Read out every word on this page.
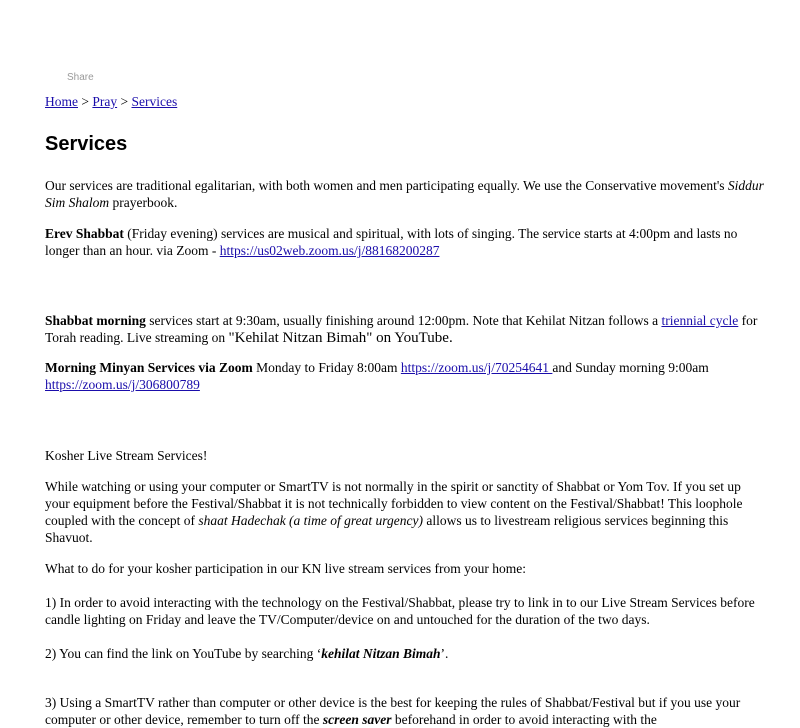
Share
Home > Pray > Services
Services

Our services are traditional egalitarian, with both women and men participating equally. We use the Conservative movement's Siddur Sim Shalom prayerbook.

Erev Shabbat (Friday evening) services are musical and spiritual, with lots of singing. The service starts at 4:00pm and lasts no longer than an hour. via Zoom - https://us02web.zoom.us/j/88168200287

Shabbat morning services start at 9:30am, usually finishing around 12:00pm. Note that Kehilat Nitzan follows a triennial cycle for Torah reading. Live streaming on "Kehilat Nitzan Bimah" on YouTube.

Morning Minyan Services via Zoom Monday to Friday 8:00am https://zoom.us/j/70254641 and Sunday morning 9:00am https://zoom.us/j/306800789

Kosher Live Stream Services!

While watching or using your computer or SmartTV is not normally in the spirit or sanctity of Shabbat or Yom Tov. If you set up your equipment before the Festival/Shabbat it is not technically forbidden to view content on the Festival/Shabbat! This loophole coupled with the concept of shaat Hadechak (a time of great urgency) allows us to livestream religious services beginning this Shavuot.

What to do for your kosher participation in our KN live stream services from your home:

1) In order to avoid interacting with the technology on the Festival/Shabbat, please try to link in to our Live Stream Services before candle lighting on Friday and leave the TV/Computer/device on and untouched for the duration of the two days.

2) You can find the link on YouTube by searching ‘kehilat Nitzan Bimah’.

3) Using a SmartTV rather than computer or other device is the best for keeping the rules of Shabbat/Festival but if you use your computer or other device, remember to turn off the screen saver beforehand in order to avoid interacting with the
